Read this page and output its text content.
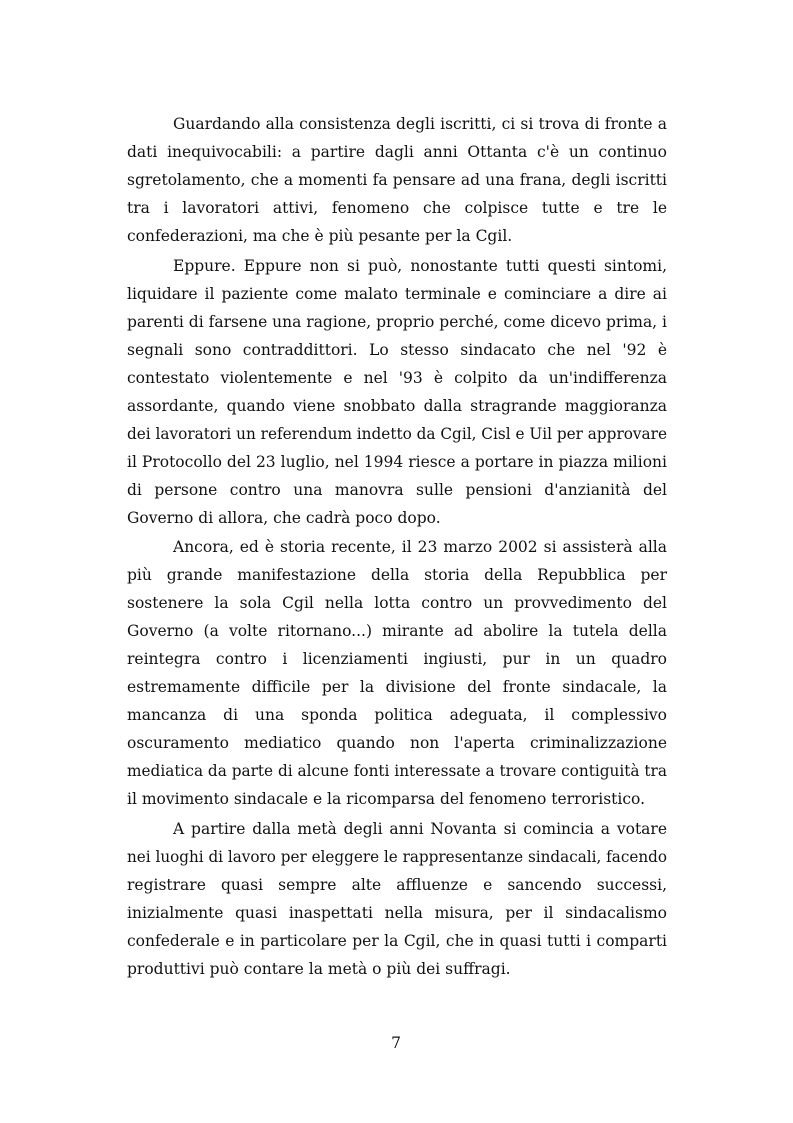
Guardando alla consistenza degli iscritti, ci si trova di fronte a
dati inequivocabili: a partire dagli anni Ottanta c'è un continuo
sgretolamento, che a momenti fa pensare ad una frana, degli iscritti
tra i lavoratori attivi, fenomeno che colpisce tutte e tre le
confederazioni, ma che è più pesante per la Cgil.
Eppure. Eppure non si può, nonostante tutti questi sintomi,
liquidare il paziente come malato terminale e cominciare a dire ai
parenti di farsene una ragione, proprio perché, come dicevo prima, i
segnali sono contraddittori. Lo stesso sindacato che nel '92 è
contestato violentemente e nel '93 è colpito da un'indifferenza
assordante, quando viene snobbato dalla stragrande maggioranza
dei lavoratori un referendum indetto da Cgil, Cisl e Uil per approvare
il Protocollo del 23 luglio, nel 1994 riesce a portare in piazza milioni
di persone contro una manovra sulle pensioni d'anzianità del
Governo di allora, che cadrà poco dopo.
Ancora, ed è storia recente, il 23 marzo 2002 si assisterà alla
più grande manifestazione della storia della Repubblica per
sostenere la sola Cgil nella lotta contro un provvedimento del
Governo (a volte ritornano...) mirante ad abolire la tutela della
reintegra contro i licenziamenti ingiusti, pur in un quadro
estremamente difficile per la divisione del fronte sindacale, la
mancanza di una sponda politica adeguata, il complessivo
oscuramento mediatico quando non l'aperta criminalizzazione
mediatica da parte di alcune fonti interessate a trovare contiguità tra
il movimento sindacale e la ricomparsa del fenomeno terroristico.
A partire dalla metà degli anni Novanta si comincia a votare
nei luoghi di lavoro per eleggere le rappresentanze sindacali, facendo
registrare quasi sempre alte affluenze e sancendo successi,
inizialmente quasi inaspettati nella misura, per il sindacalismo
confederale e in particolare per la Cgil, che in quasi tutti i comparti
produttivi può contare la metà o più dei suffragi.
7
